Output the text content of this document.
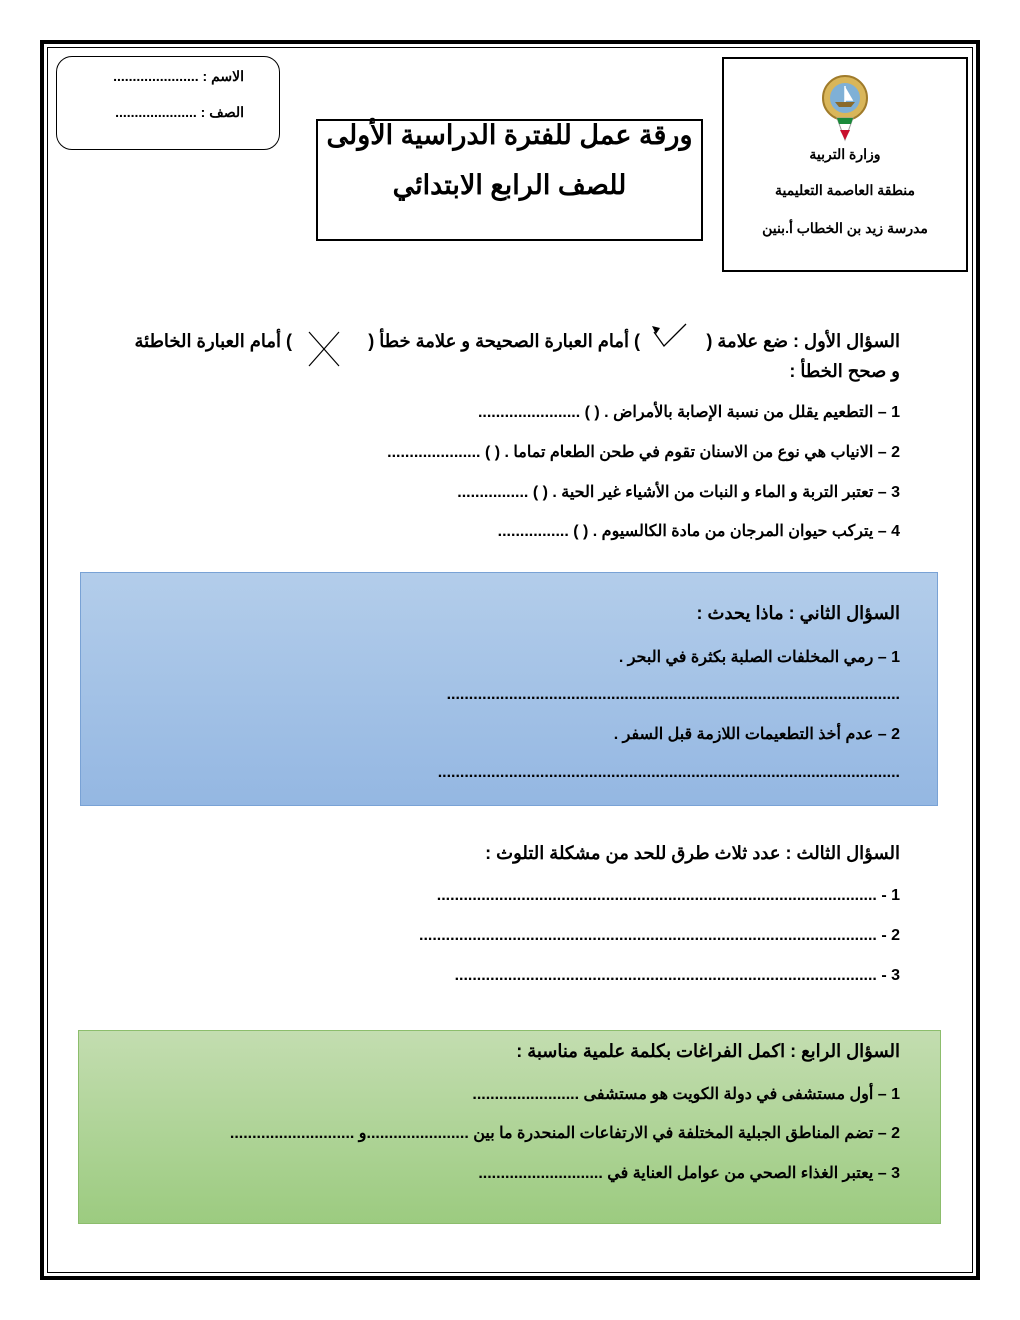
الاسم : ......................
الصف : .....................
ورقة عمل للفترة الدراسية الأولى
للصف الرابع الابتدائي
وزارة التربية
منطقة العاصمة التعليمية
مدرسة زيد بن الخطاب أ.بنين
السؤال الأول : ضع علامة (
) أمام العبارة الصحيحة و علامة خطأ (
) أمام العبارة الخاطئة
و صحح الخطأ :
1 – التطعيم يقلل من نسبة الإصابة بالأمراض . ( ) .......................
2 – الانياب هي نوع من الاسنان تقوم في طحن الطعام تماما . ( ) .....................
3 – تعتبر التربة و الماء و النبات من الأشياء غير الحية . ( ) ................
4 – يتركب حيوان المرجان من مادة الكالسيوم . ( ) ................
السؤال الثاني : ماذا يحدث :
1 – رمي المخلفات الصلبة بكثرة في البحر .
......................................................................................................
2 – عدم أخذ التطعيمات اللازمة قبل السفر .
........................................................................................................
السؤال الثالث : عدد ثلاث طرق للحد من مشكلة التلوث :
1 - ...................................................................................................
2 - .......................................................................................................
3 - ...............................................................................................
السؤال الرابع : اكمل الفراغات بكلمة علمية مناسبة :
1 – أول مستشفى في دولة الكويت هو مستشفى ........................
2 – تضم المناطق الجبلية المختلفة في الارتفاعات المنحدرة ما بين .......................و ............................
3 – يعتبر الغذاء الصحي من عوامل العناية في ............................
